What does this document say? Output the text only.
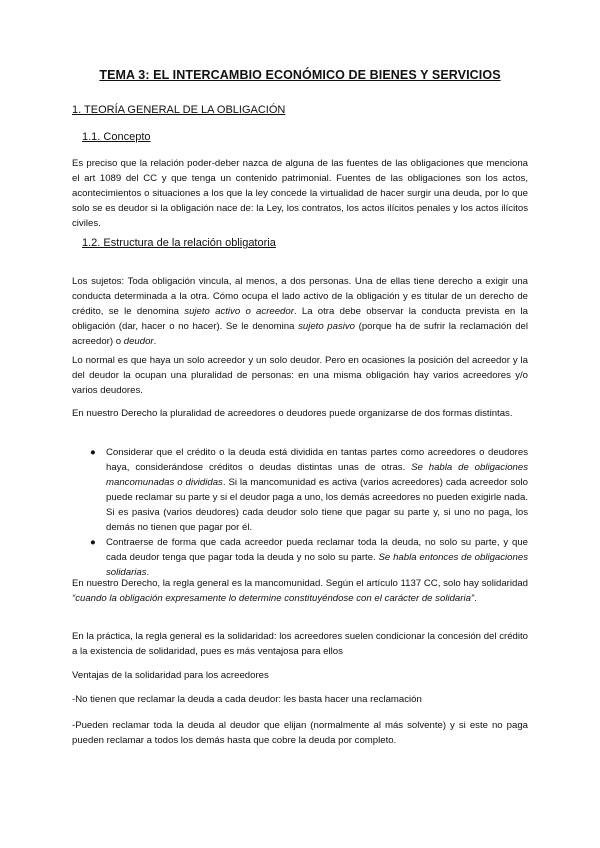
TEMA 3: EL INTERCAMBIO ECONÓMICO DE BIENES Y SERVICIOS
1. TEORÍA GENERAL DE LA OBLIGACIÓN
1.1. Concepto

Es preciso que la relación poder-deber nazca de alguna de las fuentes de las obligaciones que menciona el art 1089 del CC y que tenga un contenido patrimonial. Fuentes de las obligaciones son los actos, acontecimientos o situaciones a los que la ley concede la virtualidad de hacer surgir una deuda, por lo que solo se es deudor si la obligación nace de: la Ley, los contratos, los actos ilícitos penales y los actos ilícitos civiles.

1.2. Estructura de la relación obligatoria

Los sujetos: Toda obligación vincula, al menos, a dos personas. Una de ellas tiene derecho a exigir una conducta determinada a la otra. Cómo ocupa el lado activo de la obligación y es titular de un derecho de crédito, se le denomina sujeto activo o acreedor. La otra debe observar la conducta prevista en la obligación (dar, hacer o no hacer). Se le denomina sujeto pasivo (porque ha de sufrir la reclamación del acreedor) o deudor.

Lo normal es que haya un solo acreedor y un solo deudor. Pero en ocasiones la posición del acreedor y la del deudor la ocupan una pluralidad de personas: en una misma obligación hay varios acreedores y/o varios deudores.

En nuestro Derecho la pluralidad de acreedores o deudores puede organizarse de dos formas distintas.

● Considerar que el crédito o la deuda está dividida en tantas partes como acreedores o deudores haya, considerándose créditos o deudas distintas unas de otras. Se habla de obligaciones mancomunadas o divididas. Si la mancomunidad es activa (varios acreedores) cada acreedor solo puede reclamar su parte y si el deudor paga a uno, los demás acreedores no pueden exigirle nada. Si es pasiva (varios deudores) cada deudor solo tiene que pagar su parte y, si uno no paga, los demás no tienen que pagar por él.
● Contraerse de forma que cada acreedor pueda reclamar toda la deuda, no solo su parte, y que cada deudor tenga que pagar toda la deuda y no solo su parte. Se habla entonces de obligaciones solidarias.

En nuestro Derecho, la regla general es la mancomunidad. Según el artículo 1137 CC, solo hay solidaridad “cuando la obligación expresamente lo determine constituyéndose con el carácter de solidaria”.

En la práctica, la regla general es la solidaridad: los acreedores suelen condicionar la concesión del crédito a la existencia de solidaridad, pues es más ventajosa para ellos

Ventajas de la solidaridad para los acreedores

-No tienen que reclamar la deuda a cada deudor: les basta hacer una reclamación

-Pueden reclamar toda la deuda al deudor que elijan (normalmente al más solvente) y si este no paga pueden reclamar a todos los demás hasta que cobre la deuda por completo.
